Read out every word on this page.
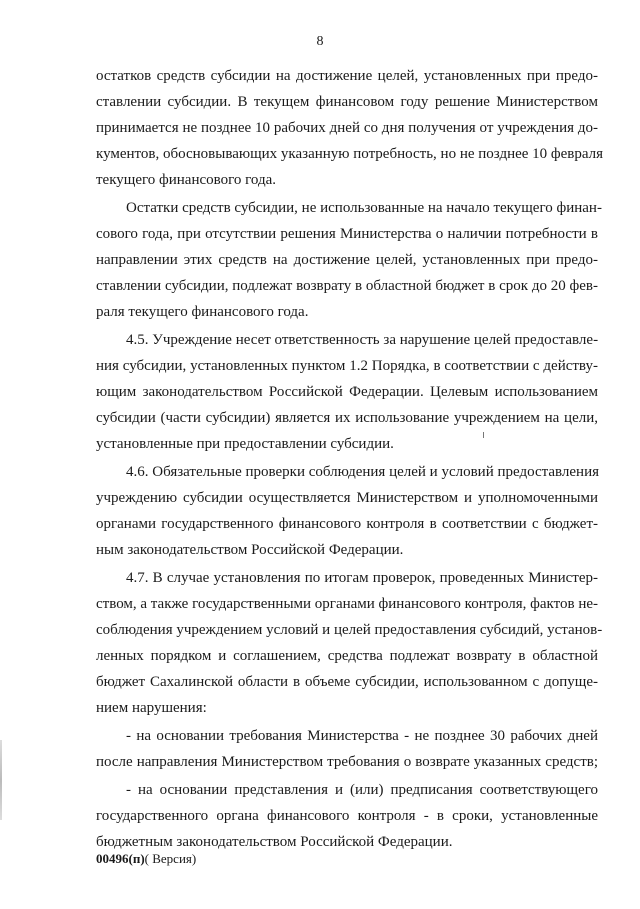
8
остатков средств субсидии на достижение целей, установленных при предо-
ставлении субсидии. В текущем финансовом году решение Министерством
принимается не позднее 10 рабочих дней со дня получения от учреждения до-
кументов, обосновывающих указанную потребность, но не позднее 10 февраля
текущего финансового года.
Остатки средств субсидии, не использованные на начало текущего финан-
сового года, при отсутствии решения Министерства о наличии потребности в
направлении этих средств на достижение целей, установленных при предо-
ставлении субсидии, подлежат возврату в областной бюджет в срок до 20 фев-
раля текущего финансового года.
4.5. Учреждение несет ответственность за нарушение целей предоставле-
ния субсидии, установленных пунктом 1.2 Порядка, в соответствии с действу-
ющим законодательством Российской Федерации. Целевым использованием
субсидии (части субсидии) является их использование учреждением на цели,
установленные при предоставлении субсидии.
4.6. Обязательные проверки соблюдения целей и условий предоставления
учреждению субсидии осуществляется Министерством и уполномоченными
органами государственного финансового контроля в соответствии с бюджет-
ным законодательством Российской Федерации.
4.7. В случае установления по итогам проверок, проведенных Министер-
ством, а также государственными органами финансового контроля, фактов не-
соблюдения учреждением условий и целей предоставления субсидий, установ-
ленных порядком и соглашением, средства подлежат возврату в областной
бюджет Сахалинской области в объеме субсидии, использованном с допуще-
нием нарушения:
- на основании требования Министерства - не позднее 30 рабочих дней
после направления Министерством требования о возврате указанных средств;
- на основании представления и (или) предписания соответствующего
государственного органа финансового контроля - в сроки, установленные
бюджетным законодательством Российской Федерации.
00496(п)( Версия)
